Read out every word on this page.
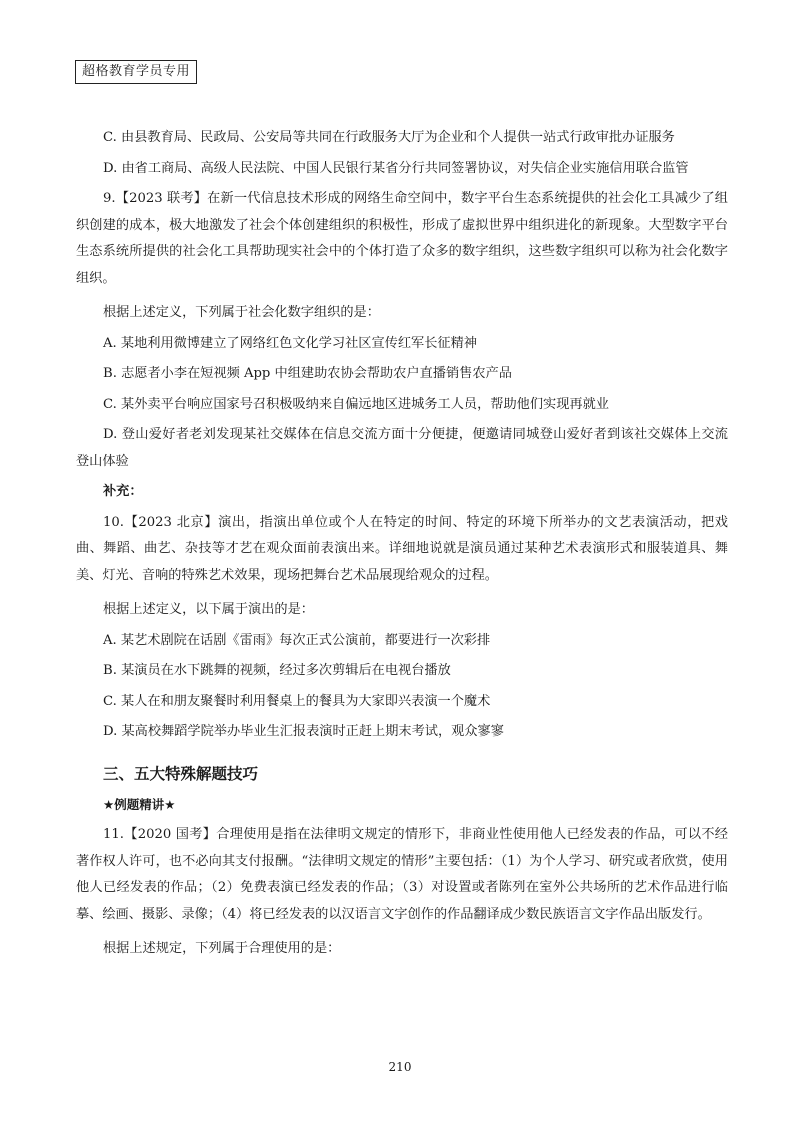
超格教育学员专用

C. 由县教育局、民政局、公安局等共同在行政服务大厅为企业和个人提供一站式行政审批办证服务

D. 由省工商局、高级人民法院、中国人民银行某省分行共同签署协议，对失信企业实施信用联合监管

9.【2023 联考】在新一代信息技术形成的网络生命空间中，数字平台生态系统提供的社会化工具减少了组织创建的成本，极大地激发了社会个体创建组织的积极性，形成了虚拟世界中组织进化的新现象。大型数字平台生态系统所提供的社会化工具帮助现实社会中的个体打造了众多的数字组织，这些数字组织可以称为社会化数字组织。

根据上述定义，下列属于社会化数字组织的是：

A. 某地利用微博建立了网络红色文化学习社区宣传红军长征精神

B. 志愿者小李在短视频 App 中组建助农协会帮助农户直播销售农产品

C. 某外卖平台响应国家号召积极吸纳来自偏远地区进城务工人员，帮助他们实现再就业

D. 登山爱好者老刘发现某社交媒体在信息交流方面十分便捷，便邀请同城登山爱好者到该社交媒体上交流登山体验

补充：

10.【2023 北京】演出，指演出单位或个人在特定的时间、特定的环境下所举办的文艺表演活动，把戏曲、舞蹈、曲艺、杂技等才艺在观众面前表演出来。详细地说就是演员通过某种艺术表演形式和服装道具、舞美、灯光、音响的特殊艺术效果，现场把舞台艺术品展现给观众的过程。

根据上述定义，以下属于演出的是：

A. 某艺术剧院在话剧《雷雨》每次正式公演前，都要进行一次彩排

B. 某演员在水下跳舞的视频，经过多次剪辑后在电视台播放

C. 某人在和朋友聚餐时利用餐桌上的餐具为大家即兴表演一个魔术

D. 某高校舞蹈学院举办毕业生汇报表演时正赶上期末考试，观众寥寥

三、五大特殊解题技巧

★例题精讲★

11.【2020 国考】合理使用是指在法律明文规定的情形下，非商业性使用他人已经发表的作品，可以不经著作权人许可，也不必向其支付报酬。“法律明文规定的情形”主要包括：（1）为个人学习、研究或者欣赏，使用他人已经发表的作品；（2）免费表演已经发表的作品；（3）对设置或者陈列在室外公共场所的艺术作品进行临摹、绘画、摄影、录像；（4）将已经发表的以汉语言文字创作的作品翻译成少数民族语言文字作品出版发行。

根据上述规定，下列属于合理使用的是：

210
